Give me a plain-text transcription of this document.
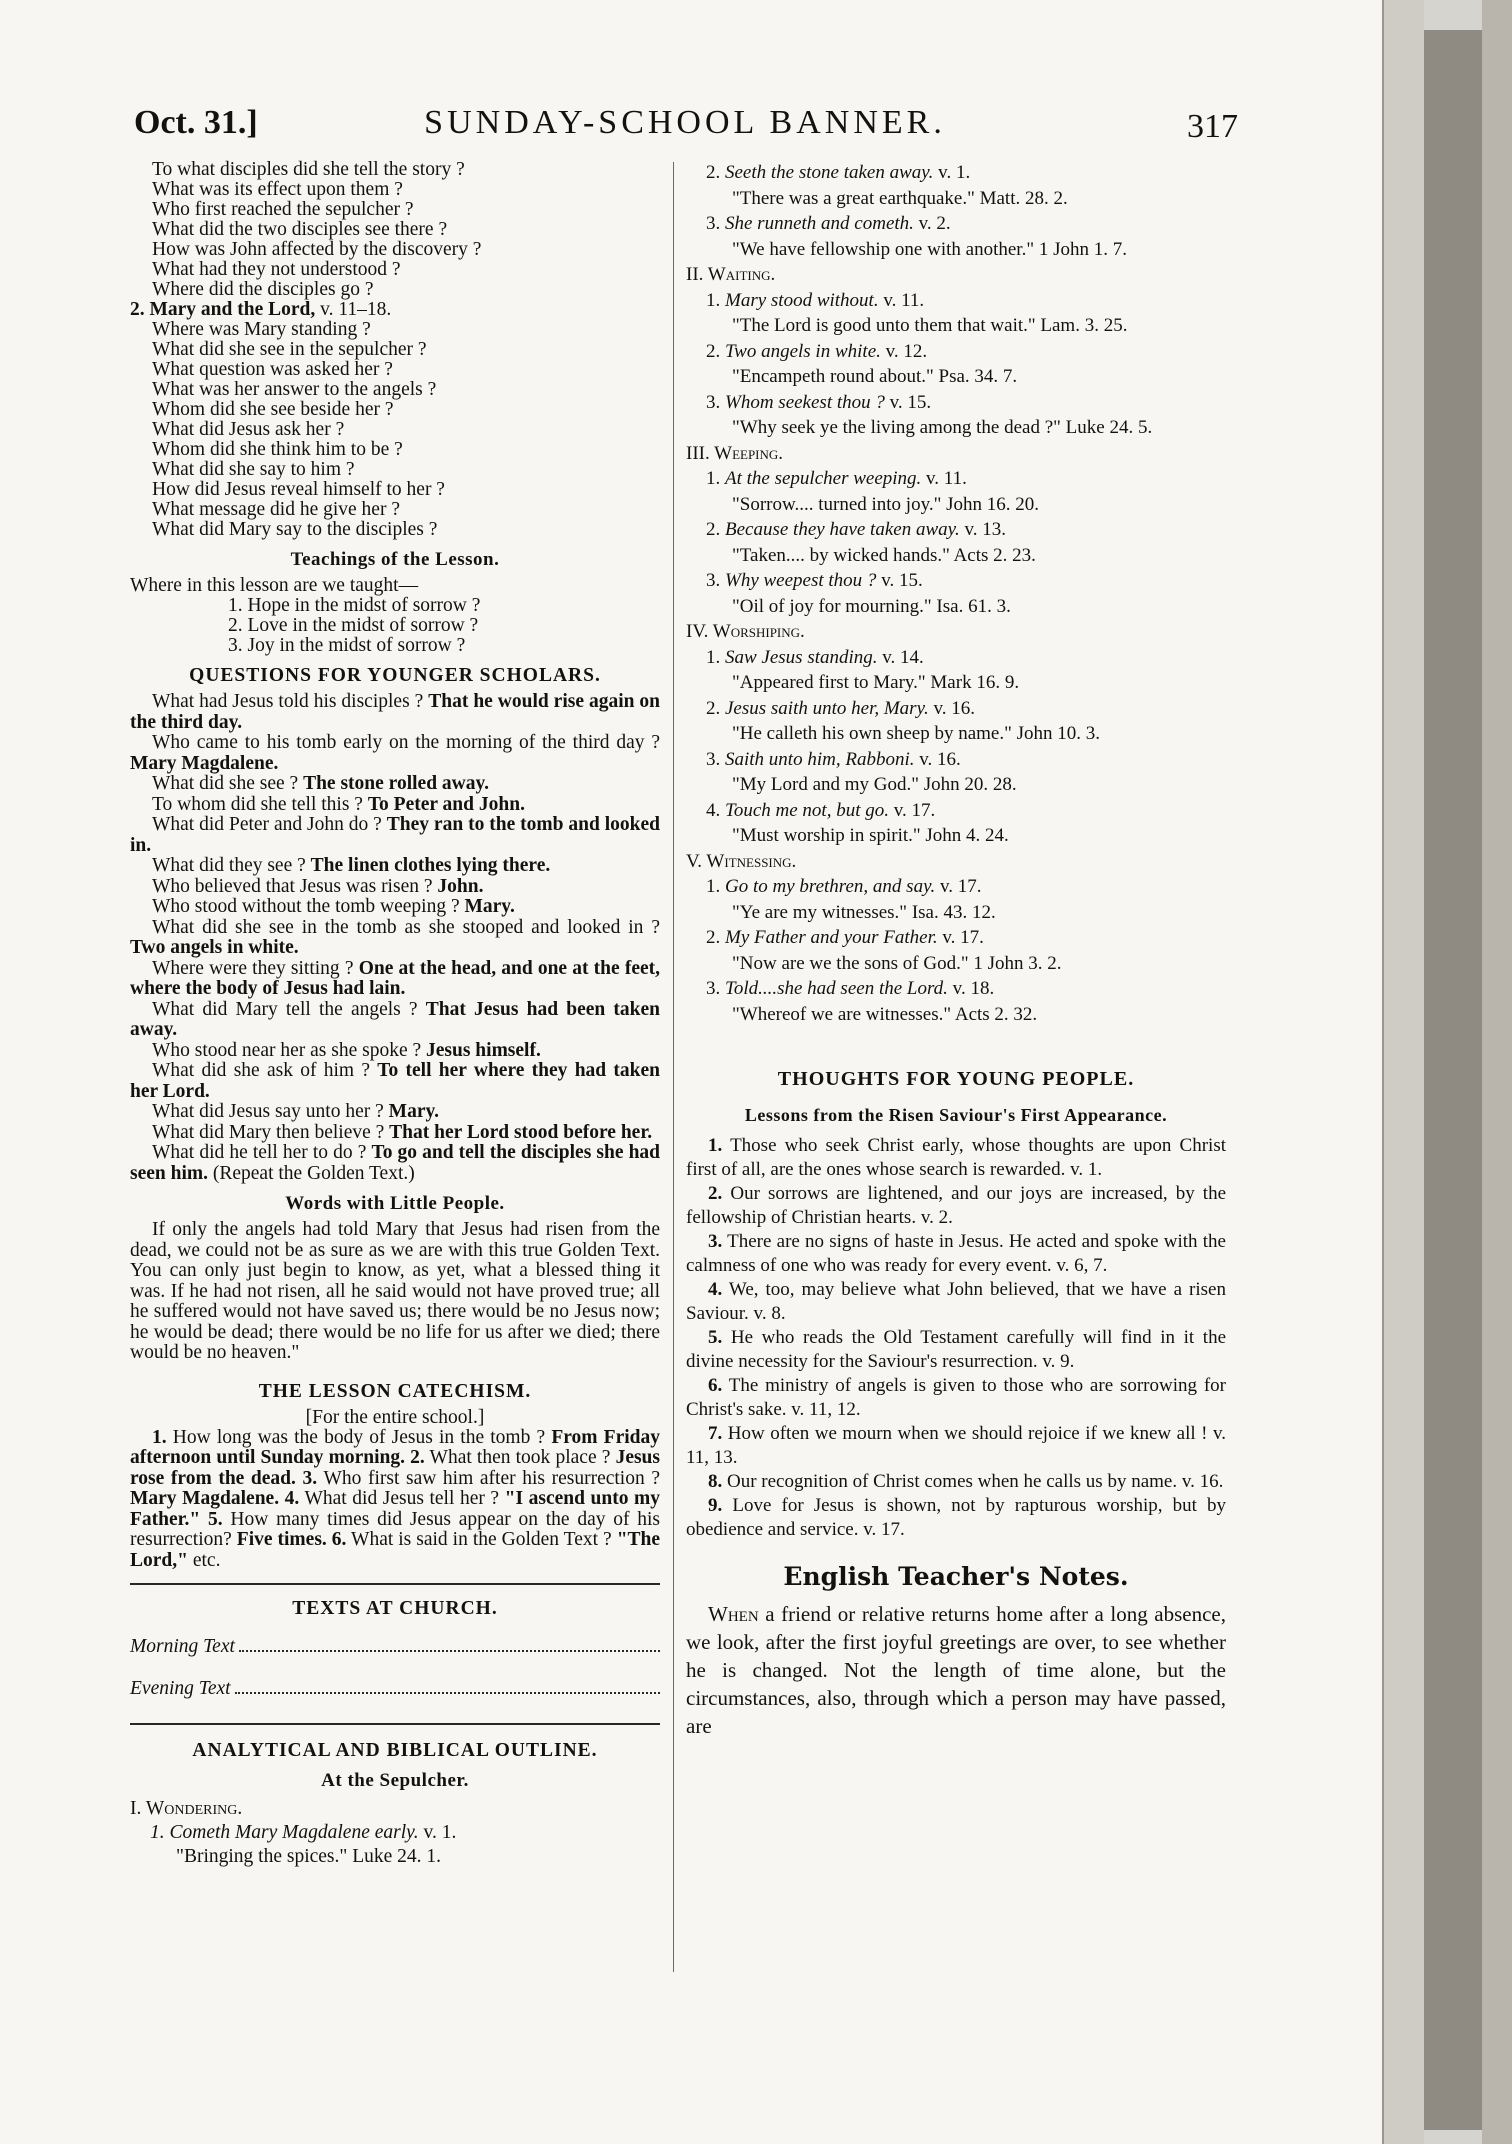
Oct. 31.]	SUNDAY-SCHOOL BANNER.	317
To what disciples did she tell the story ?
What was its effect upon them ?
Who first reached the sepulcher ?
What did the two disciples see there ?
How was John affected by the discovery ?
What had they not understood ?
Where did the disciples go ?
2. Mary and the Lord, v. 11–18.
Where was Mary standing ?
What did she see in the sepulcher ?
What question was asked her ?
What was her answer to the angels ?
Whom did she see beside her ?
What did Jesus ask her ?
Whom did she think him to be ?
What did she say to him ?
How did Jesus reveal himself to her ?
What message did he give her ?
What did Mary say to the disciples ?
Teachings of the Lesson.
Where in this lesson are we taught—
1. Hope in the midst of sorrow ?
2. Love in the midst of sorrow ?
3. Joy in the midst of sorrow ?
QUESTIONS FOR YOUNGER SCHOLARS.
What had Jesus told his disciples ? That he would rise again on the third day.
Who came to his tomb early on the morning of the third day ? Mary Magdalene.
What did she see ? The stone rolled away.
To whom did she tell this ? To Peter and John.
What did Peter and John do ? They ran to the tomb and looked in.
What did they see ? The linen clothes lying there.
Who believed that Jesus was risen ? John.
Who stood without the tomb weeping ? Mary.
What did she see in the tomb as she stooped and looked in ? Two angels in white.
Where were they sitting ? One at the head, and one at the feet, where the body of Jesus had lain.
What did Mary tell the angels ? That Jesus had been taken away.
Who stood near her as she spoke ? Jesus himself.
What did she ask of him ? To tell her where they had taken her Lord.
What did Jesus say unto her ? Mary.
What did Mary then believe ? That her Lord stood before her.
What did he tell her to do ? To go and tell the disciples she had seen him. (Repeat the Golden Text.)
Words with Little People.
If only the angels had told Mary that Jesus had risen from the dead, we could not be as sure as we are with this true Golden Text. You can only just begin to know, as yet, what a blessed thing it was. If he had not risen, all he said would not have proved true; all he suffered would not have saved us; there would be no Jesus now; he would be dead; there would be no life for us after we died; there would be no heaven."
THE LESSON CATECHISM.
[For the entire school.]
1. How long was the body of Jesus in the tomb ? From Friday afternoon until Sunday morning. 2. What then took place ? Jesus rose from the dead. 3. Who first saw him after his resurrection ? Mary Magdalene. 4. What did Jesus tell her ? "I ascend unto my Father." 5. How many times did Jesus appear on the day of his resurrection? Five times. 6. What is said in the Golden Text ? "The Lord," etc.
TEXTS AT CHURCH.
Morning Text
Evening Text
ANALYTICAL AND BIBLICAL OUTLINE.
At the Sepulcher.
I. Wondering.
1. Cometh Mary Magdalene early. v. 1.
"Bringing the spices." Luke 24. 1.
2. Seeth the stone taken away. v. 1.
"There was a great earthquake." Matt. 28. 2.
3. She runneth and cometh. v. 2.
"We have fellowship one with another." 1 John 1. 7.
II. Waiting.
1. Mary stood without. v. 11.
"The Lord is good unto them that wait." Lam. 3. 25.
2. Two angels in white. v. 12.
"Encampeth round about." Psa. 34. 7.
3. Whom seekest thou ? v. 15.
"Why seek ye the living among the dead ?" Luke 24. 5.
III. Weeping.
1. At the sepulcher weeping. v. 11.
"Sorrow.... turned into joy." John 16. 20.
2. Because they have taken away. v. 13.
"Taken.... by wicked hands." Acts 2. 23.
3. Why weepest thou ? v. 15.
"Oil of joy for mourning." Isa. 61. 3.
IV. Worshiping.
1. Saw Jesus standing. v. 14.
"Appeared first to Mary." Mark 16. 9.
2. Jesus saith unto her, Mary. v. 16.
"He calleth his own sheep by name." John 10. 3.
3. Saith unto him, Rabboni. v. 16.
"My Lord and my God." John 20. 28.
4. Touch me not, but go. v. 17.
"Must worship in spirit." John 4. 24.
V. Witnessing.
1. Go to my brethren, and say. v. 17.
"Ye are my witnesses." Isa. 43. 12.
2. My Father and your Father. v. 17.
"Now are we the sons of God." 1 John 3. 2.
3. Told....she had seen the Lord. v. 18.
"Whereof we are witnesses." Acts 2. 32.
THOUGHTS FOR YOUNG PEOPLE.
Lessons from the Risen Saviour's First Appearance.
1. Those who seek Christ early, whose thoughts are upon Christ first of all, are the ones whose search is rewarded. v. 1.
2. Our sorrows are lightened, and our joys are increased, by the fellowship of Christian hearts. v. 2.
3. There are no signs of haste in Jesus. He acted and spoke with the calmness of one who was ready for every event. v. 6, 7.
4. We, too, may believe what John believed, that we have a risen Saviour. v. 8.
5. He who reads the Old Testament carefully will find in it the divine necessity for the Saviour's resurrection. v. 9.
6. The ministry of angels is given to those who are sorrowing for Christ's sake. v. 11, 12.
7. How often we mourn when we should rejoice if we knew all ! v. 11, 13.
8. Our recognition of Christ comes when he calls us by name. v. 16.
9. Love for Jesus is shown, not by rapturous worship, but by obedience and service. v. 17.
English Teacher's Notes.
When a friend or relative returns home after a long absence, we look, after the first joyful greetings are over, to see whether he is changed. Not the length of time alone, but the circumstances, also, through which a person may have passed, are
